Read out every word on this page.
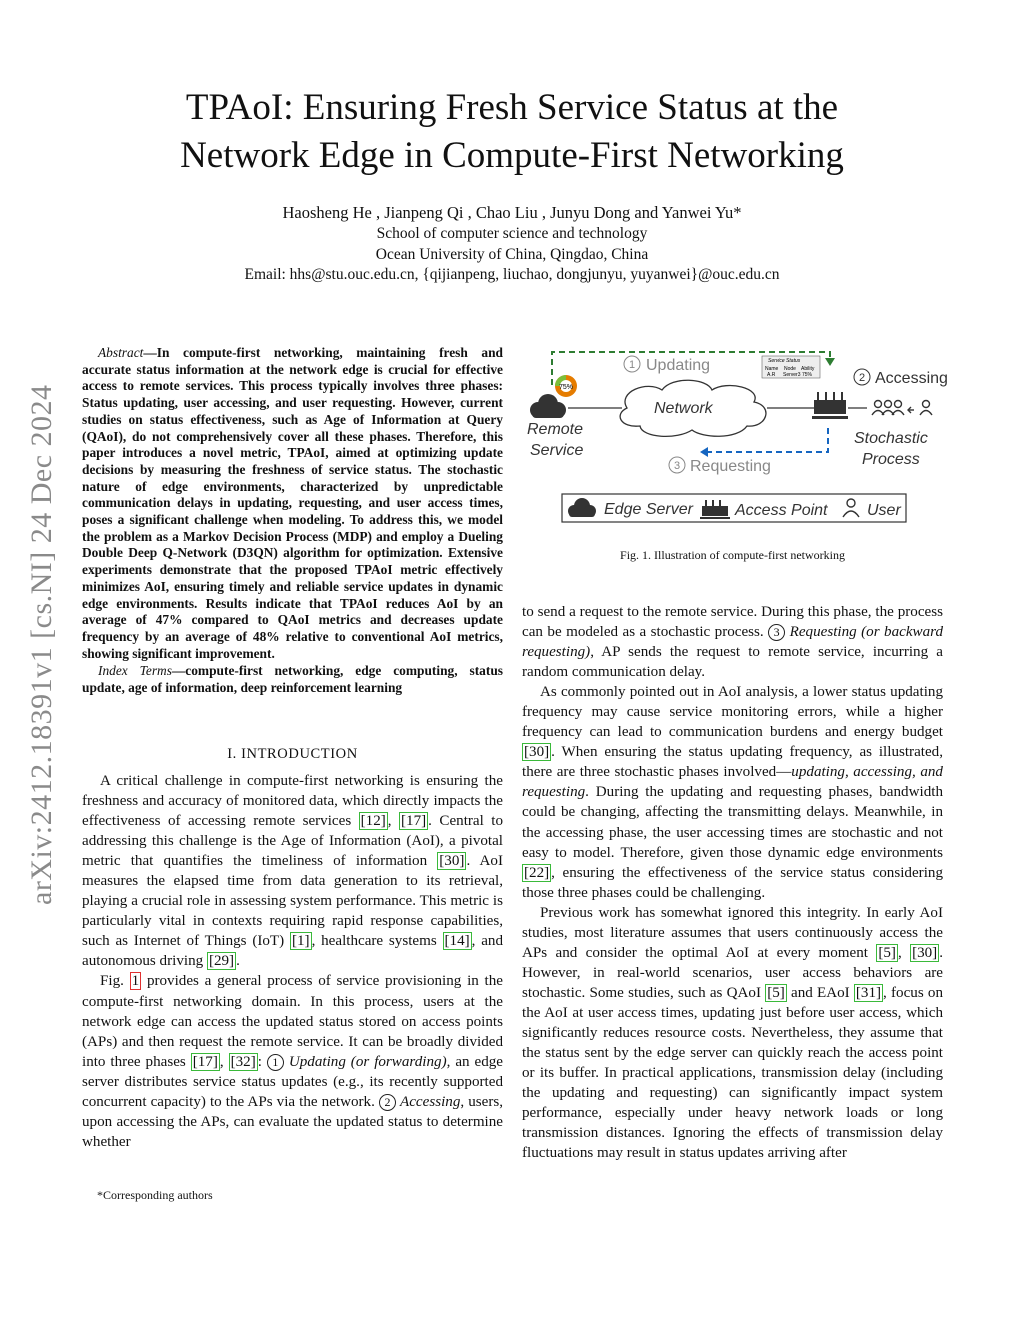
arXiv:2412.18391v1 [cs.NI] 24 Dec 2024
TPAoI: Ensuring Fresh Service Status at the
Network Edge in Compute-First Networking
Haosheng He , Jianpeng Qi , Chao Liu , Junyu Dong and Yanwei Yu*
School of computer science and technology
Ocean University of China, Qingdao, China
Email: hhs@stu.ouc.edu.cn, {qijianpeng, liuchao, dongjunyu, yuyanwei}@ouc.edu.cn
Abstract—In compute-first networking, maintaining fresh and accurate status information at the network edge is crucial for effective access to remote services. This process typically involves three phases: Status updating, user accessing, and user requesting. However, current studies on status effectiveness, such as Age of Information at Query (QAoI), do not comprehensively cover all these phases. Therefore, this paper introduces a novel metric, TPAoI, aimed at optimizing update decisions by measuring the freshness of service status. The stochastic nature of edge environments, characterized by unpredictable communication delays in updating, requesting, and user access times, poses a significant challenge when modeling. To address this, we model the problem as a Markov Decision Process (MDP) and employ a Dueling Double Deep Q-Network (D3QN) algorithm for optimization. Extensive experiments demonstrate that the proposed TPAoI metric effectively minimizes AoI, ensuring timely and reliable service updates in dynamic edge environments. Results indicate that TPAoI reduces AoI by an average of 47% compared to QAoI metrics and decreases update frequency by an average of 48% relative to conventional AoI metrics, showing significant improvement.
Index Terms—compute-first networking, edge computing, status update, age of information, deep reinforcement learning
I. INTRODUCTION

A critical challenge in compute-first networking is ensuring the freshness and accuracy of monitored data, which directly impacts the effectiveness of accessing remote services [12] , [17] . Central to addressing this challenge is the Age of Information (AoI), a pivotal metric that quantifies the timeliness of information [30] . AoI measures the elapsed time from data generation to its retrieval, playing a crucial role in assessing system performance. This metric is particularly vital in contexts requiring rapid response capabilities, such as Internet of Things (IoT) [1] , healthcare systems [14] , and autonomous driving [29] .

Fig. 1 provides a general process of service provisioning in the compute-first networking domain. In this process, users at the network edge can access the updated status stored on access points (APs) and then request the remote service. It can be broadly divided into three phases [17] , [32] : 1 Updating (or forwarding), an edge server distributes service status updates (e.g., its recently supported concurrent capacity) to the APs via the network. 2 Accessing, users, upon accessing the APs, can evaluate the updated status to determine whether

*Corresponding authors
75%
Remote
Service
Network
Service Status
Name Node Ability
A.R Server3 75%
1 Updating
2 Accessing
Stochastic
Process
3 Requesting
Edge Server	Access Point User
Fig. 1. Illustration of compute-first networking

to send a request to the remote service. During this phase, the process can be modeled as a stochastic process. 3 Requesting (or backward requesting), AP sends the request to remote service, incurring a random communication delay.

As commonly pointed out in AoI analysis, a lower status updating frequency may cause service monitoring errors, while a higher frequency can lead to communication burdens and energy budget [30] . When ensuring the status updating frequency, as illustrated, there are three stochastic phases involved—updating, accessing, and requesting. During the updating and requesting phases, bandwidth could be changing, affecting the transmitting delays. Meanwhile, in the accessing phase, the user accessing times are stochastic and not easy to model. Therefore, given those dynamic edge environments [22] , ensuring the effectiveness of the service status considering those three phases could be challenging.

Previous work has somewhat ignored this integrity. In early AoI studies, most literature assumes that users continuously access the APs and consider the optimal AoI at every moment [5] , [30] . However, in real-world scenarios, user access behaviors are stochastic. Some studies, such as QAoI [5] and EAoI [31] , focus on the AoI at user access times, updating just before user access, which significantly reduces resource costs. Nevertheless, they assume that the status sent by the edge server can quickly reach the access point or its buffer. In practical applications, transmission delay (including the updating and requesting) can significantly impact system performance, especially under heavy network loads or long transmission distances. Ignoring the effects of transmission delay fluctuations may result in status updates arriving after
